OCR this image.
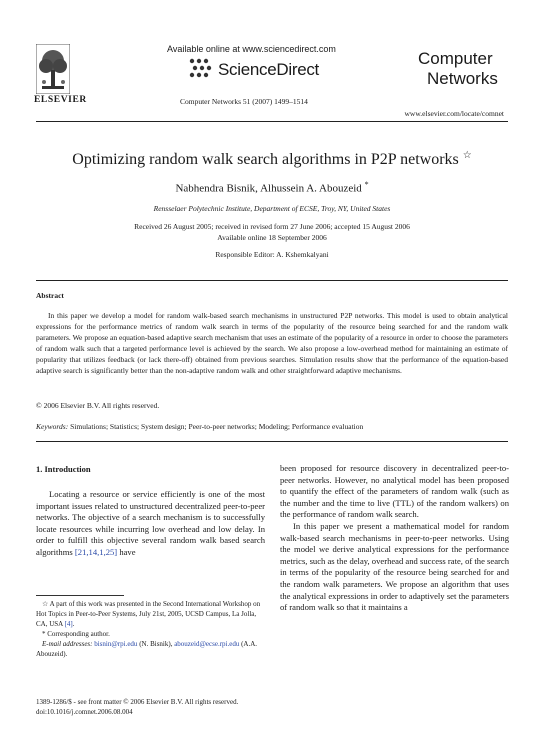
ELSEVIER
Available online at www.sciencedirect.com
ScienceDirect
Computer Networks 51 (2007) 1499–1514
Computer
Networks
www.elsevier.com/locate/comnet
Optimizing random walk search algorithms in P2P networks ☆
Nabhendra Bisnik, Alhussein A. Abouzeid *
Rensselaer Polytechnic Institute, Department of ECSE, Troy, NY, United States
Received 26 August 2005; received in revised form 27 June 2006; accepted 15 August 2006
Available online 18 September 2006
Responsible Editor: A. Kshemkalyani
Abstract
In this paper we develop a model for random walk-based search mechanisms in unstructured P2P networks. This model is used to obtain analytical expressions for the performance metrics of random walk search in terms of the popularity of the resource being searched for and the random walk parameters. We propose an equation-based adaptive search mechanism that uses an estimate of the popularity of a resource in order to choose the parameters of random walk such that a targeted performance level is achieved by the search. We also propose a low-overhead method for maintaining an estimate of popularity that utilizes feedback (or lack there-off) obtained from previous searches. Simulation results show that the performance of the equation-based adaptive search is significantly better than the non-adaptive random walk and other straightforward adaptive mechanisms.
© 2006 Elsevier B.V. All rights reserved.
Keywords: Simulations; Statistics; System design; Peer-to-peer networks; Modeling; Performance evaluation
1. Introduction
Locating a resource or service efficiently is one of the most important issues related to unstructured decentralized peer-to-peer networks. The objective of a search mechanism is to successfully locate resources while incurring low overhead and low delay. In order to fulfill this objective several random walk based search algorithms [21,14,1,25] have

been proposed for resource discovery in decentralized peer-to-peer networks. However, no analytical model has been proposed to quantify the effect of the parameters of random walk (such as the number and the time to live (TTL) of the random walkers) on the performance of random walk search.

In this paper we present a mathematical model for random walk-based search mechanisms in peer-to-peer networks. Using the model we derive analytical expressions for the performance metrics, such as the delay, overhead and success rate, of the search in terms of the popularity of the resource being searched for and the random walk parameters. We propose an algorithm that uses the analytical expressions in order to adaptively set the parameters of random walk so that it maintains a

☆ A part of this work was presented in the Second International Workshop on Hot Topics in Peer-to-Peer Systems, July 21st, 2005, UCSD Campus, La Jolla, CA, USA [4].
* Corresponding author.
E-mail addresses: bisnin@rpi.edu (N. Bisnik), abouzeid@ecse.rpi.edu (A.A. Abouzeid).
1389-1286/$ - see front matter © 2006 Elsevier B.V. All rights reserved.
doi:10.1016/j.comnet.2006.08.004
